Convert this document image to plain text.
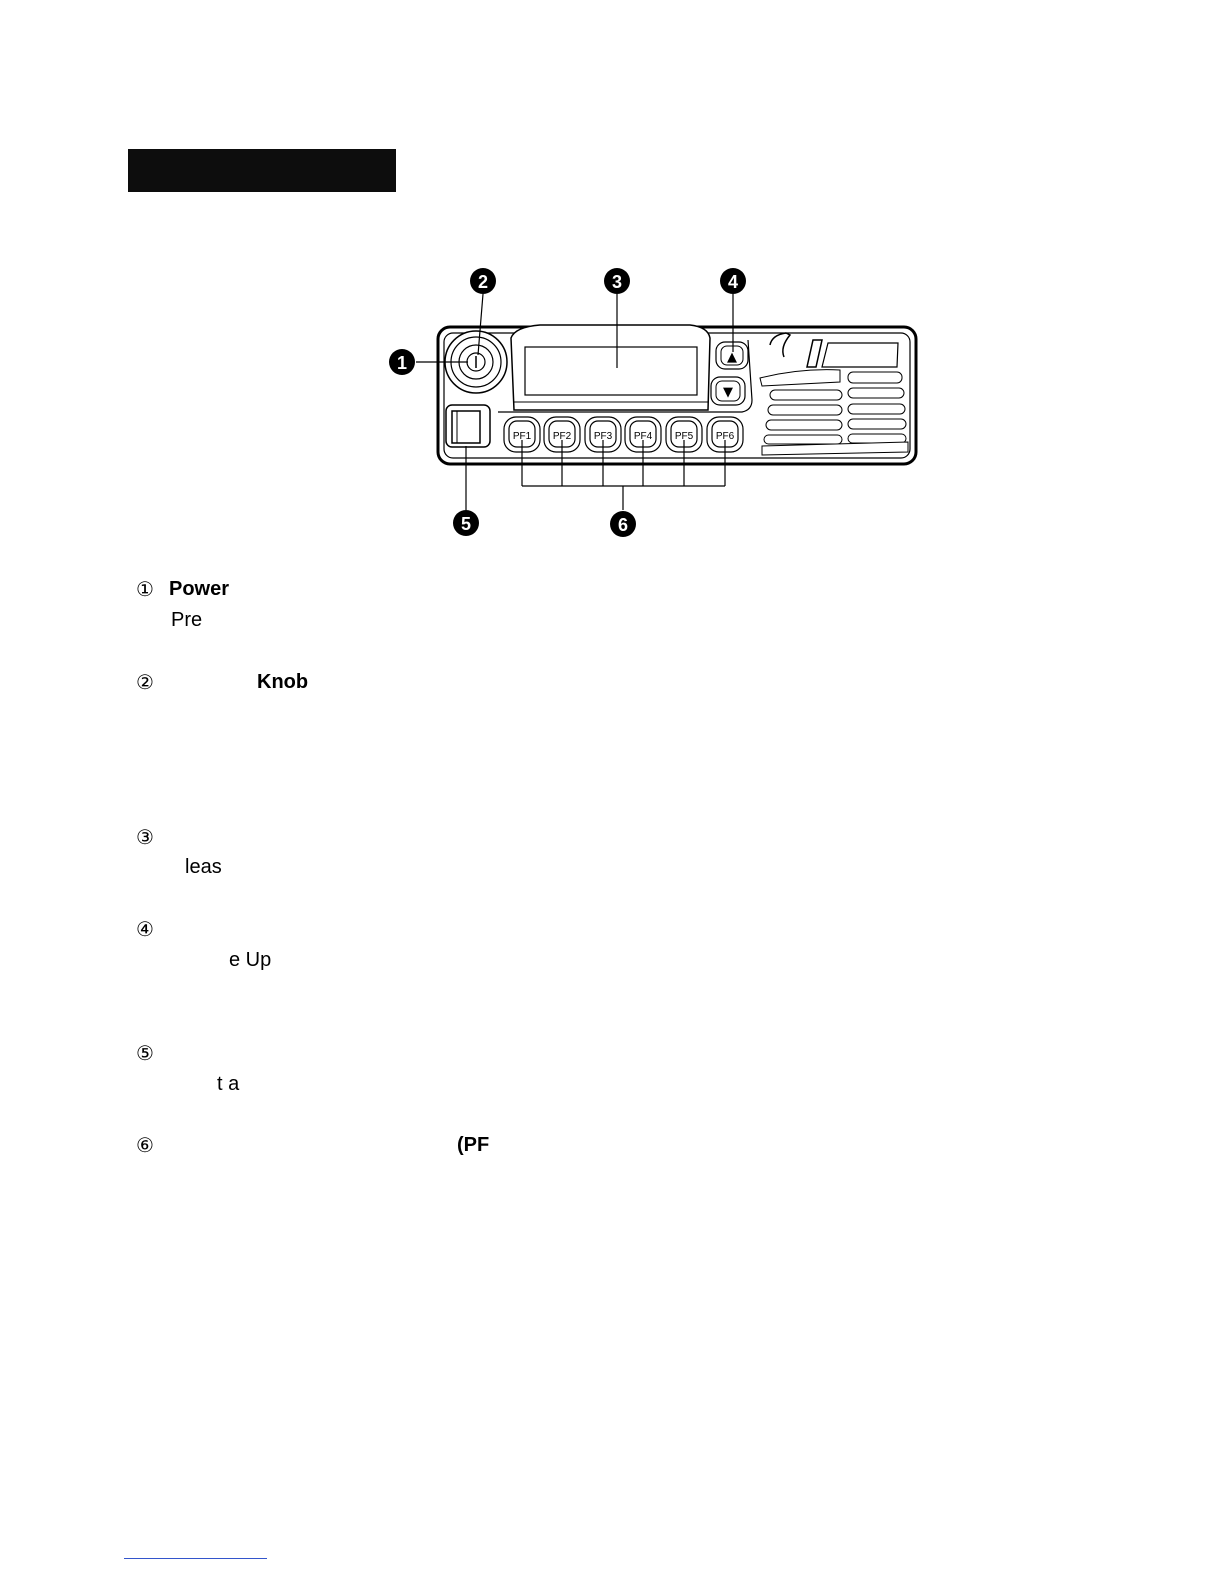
▲
▼
PF1 PF2 PF3 PF4 PF5 PF6
1
2	3	4
5	6
① Power
Pre
②	Knob
③
leas
④
e Up
⑤
t a
⑥	(PF
